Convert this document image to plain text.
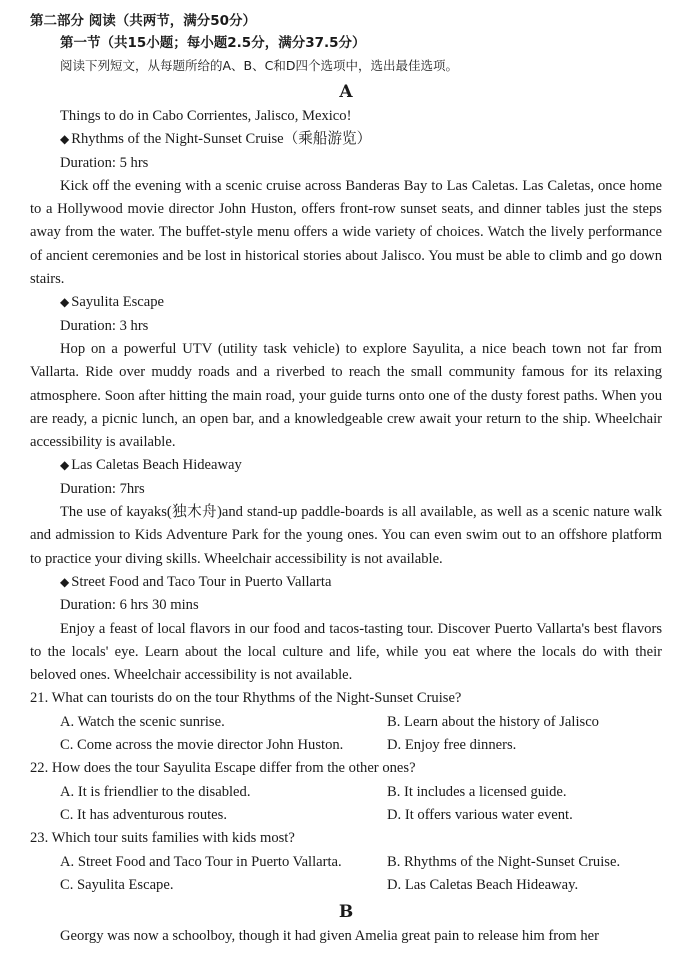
第二部分 阅读（共两节，满分50分）

第一节（共15小题；每小题2.5分，满分37.5分）

阅读下列短文，从每题所给的A、B、C和D四个选项中，选出最佳选项。

A

Things to do in Cabo Corrientes, Jalisco, Mexico!

◆ Rhythms of the Night-Sunset Cruise（乘船游览）

Duration: 5 hrs

Kick off the evening with a scenic cruise across Banderas Bay to Las Caletas. Las Caletas, once home to a Hollywood movie director John Huston, offers front-row sunset seats, and dinner tables just the steps away from the water. The buffet-style menu offers a wide variety of choices. Watch the lively performance of ancient ceremonies and be lost in historical stories about Jalisco. You must be able to climb and go down stairs.

◆ Sayulita Escape

Duration: 3 hrs

Hop on a powerful UTV (utility task vehicle) to explore Sayulita, a nice beach town not far from Vallarta. Ride over muddy roads and a riverbed to reach the small community famous for its relaxing atmosphere. Soon after hitting the main road, your guide turns onto one of the dusty forest paths. When you are ready, a picnic lunch, an open bar, and a knowledgeable crew await your return to the ship. Wheelchair accessibility is available.

◆ Las Caletas Beach Hideaway

Duration: 7hrs

The use of kayaks(独木舟)and stand-up paddle-boards is all available, as well as a scenic nature walk and admission to Kids Adventure Park for the young ones. You can even swim out to an offshore platform to practice your diving skills. Wheelchair accessibility is not available.

◆ Street Food and Taco Tour in Puerto Vallarta

Duration: 6 hrs 30 mins

Enjoy a feast of local flavors in our food and tacos-tasting tour. Discover Puerto Vallarta's best flavors to the locals' eye. Learn about the local culture and life, while you eat where the locals do with their beloved ones. Wheelchair accessibility is not available.

21. What can tourists do on the tour Rhythms of the Night-Sunset Cruise?

A. Watch the scenic sunrise.	B. Learn about the history of Jalisco
C. Come across the movie director John Huston.	D. Enjoy free dinners.

22. How does the tour Sayulita Escape differ from the other ones?

A. It is friendlier to the disabled.	B. It includes a licensed guide.
C. It has adventurous routes.	D. It offers various water event.

23. Which tour suits families with kids most?

A. Street Food and Taco Tour in Puerto Vallarta.	B. Rhythms of the Night-Sunset Cruise.
C. Sayulita Escape.	D. Las Caletas Beach Hideaway.

B

Georgy was now a schoolboy, though it had given Amelia great pain to release him from her
